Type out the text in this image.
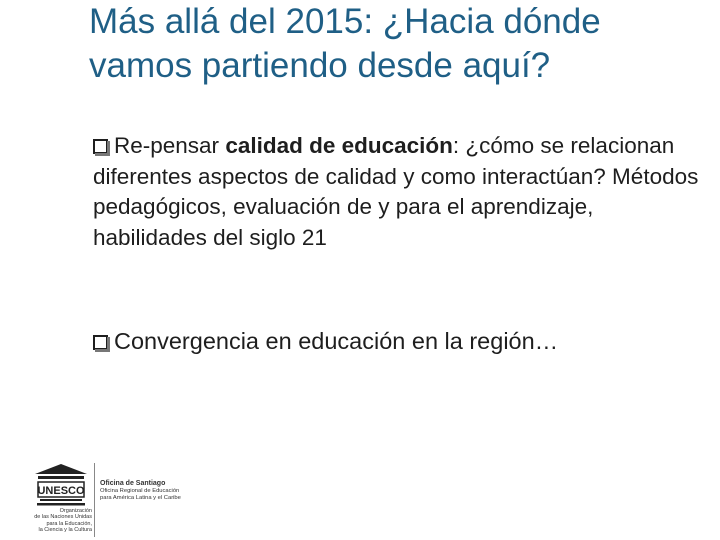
Más allá del 2015: ¿Hacia dónde vamos partiendo desde aquí?
Re-pensar calidad de educación: ¿cómo se relacionan diferentes aspectos de calidad y como interactúan? Métodos pedagógicos, evaluación de y para el aprendizaje, habilidades del siglo 21
Convergencia en educación en la región…
UNESCO
Organización
de las Naciones Unidas
para la Educación,
la Ciencia y la Cultura
Oficina de Santiago
Oficina Regional de Educación
para América Latina y el Caribe
